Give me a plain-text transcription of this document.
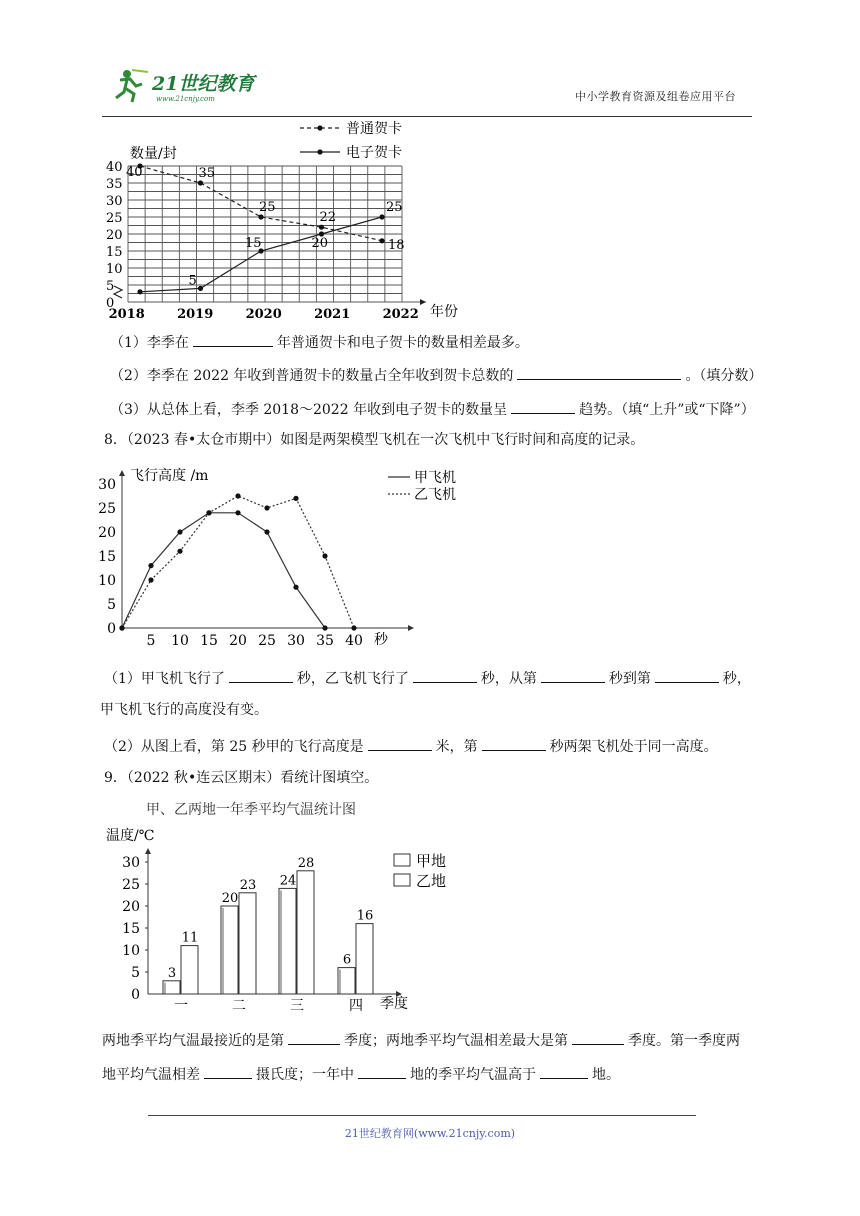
21世纪教育
www.21cnjy.com	中小学教育资源及组卷应用平台
数量/封
年份
0
5
10
15
20
25
30
35
40
2018 2019 2020 2021 2022
40	35
25
22
18
5
15	20
25
普通贺卡
电子贺卡
（1）李季在	年普通贺卡和电子贺卡的数量相差最多。
（2）李季在 2022 年收到普通贺卡的数量占全年收到贺卡总数的	。（填分数）
（3）从总体上看，李季 2018～2022 年收到电子贺卡的数量呈	趋势。（填“上升”或“下降”）
8．（2023 春•太仓市期中）如图是两架模型飞机在一次飞机中飞行时间和高度的记录。
飞行高度 /m
秒
0
5
10
15
20
25
30
5 10 15 20 25 30 35 40
甲飞机
乙飞机
（1）甲飞机飞行了	秒，乙飞机飞行了	秒，从第	秒到第	秒，
甲飞机飞行的高度没有变。
（2）从图上看，第 25 秒甲的飞行高度是	米，第	秒两架飞机处于同一高度。
9．（2022 秋•连云区期末）看统计图填空。
甲、乙两地一年季平均气温统计图
温度/℃
季度
0
5
10
15
20
25
30
3
11
20
23 24
28
6
16
一	二	三	四
甲地
乙地
两地季平均气温最接近的是第	季度；两地季平均气温相差最大是第	季度。第一季度两
地平均气温相差	摄氏度；一年中	地的季平均气温高于	地。
21世纪教育网(www.21cnjy.com)
